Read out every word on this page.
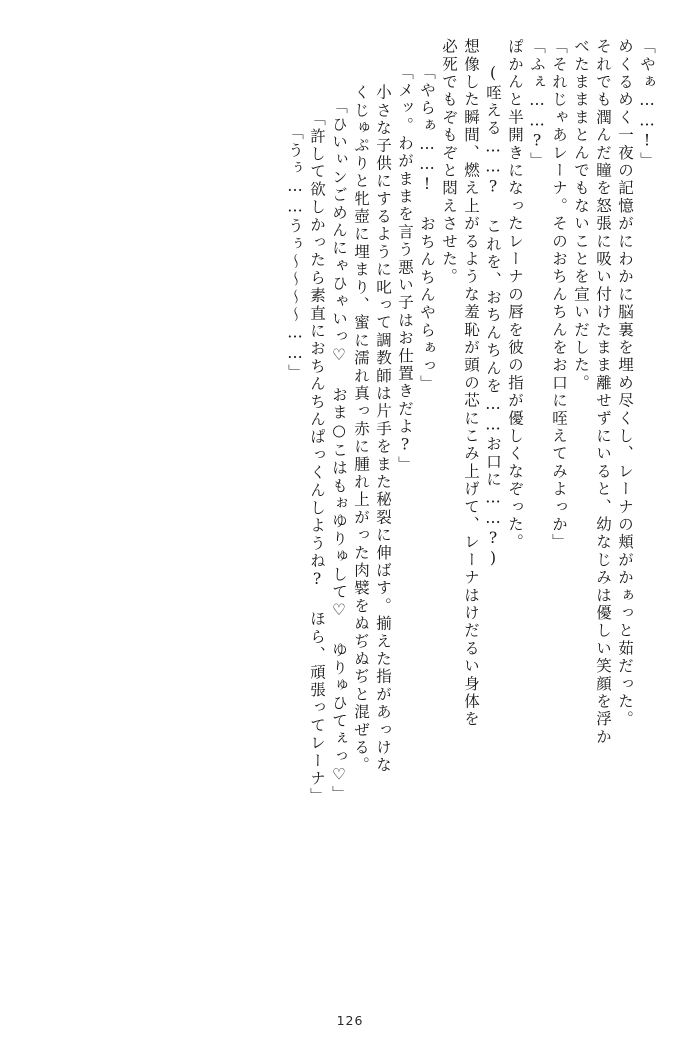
「やぁ……!」
めくるめく一夜の記憶がにわかに脳裏を埋め尽くし、レーナの頬がかぁっと茹だった。
それでも潤んだ瞳を怒張に吸い付けたまま離せずにいると、幼なじみは優しい笑顔を浮か
べたまままとんでもないことを宣いだした。
「それじゃあレーナ。そのおちんちんをお口に咥えてみよっか」
「ふぇ……?」
ぽかんと半開きになったレーナの唇を彼の指が優しくなぞった。
(咥える……? これを、おちんちんを……お口に……?)
想像した瞬間、燃え上がるような羞恥が頭の芯にこみ上げて、レーナはけだるい身体を
必死でもぞもぞと悶えさせた。
「やらぁ……! おちんちんやらぁっ」
「メッ。わがままを言う悪い子はお仕置きだよ?」
小さな子供にするように叱って調教師は片手をまた秘裂に伸ばす。揃えた指があっけな
くじゅぷりと牝壺に埋まり、蜜に濡れ真っ赤に腫れ上がった肉襞をぬぢぬぢと混ぜる。
「ひいぃンごめんにゃひゃいっ♡ おま○こはもぉゆりゅして♡ ゆりゅひてぇっ♡」
「許して欲しかったら素直におちんちんぱっくんしようね? ほら、頑張ってレーナ」
「うぅ……うぅ～～～～……」
126
